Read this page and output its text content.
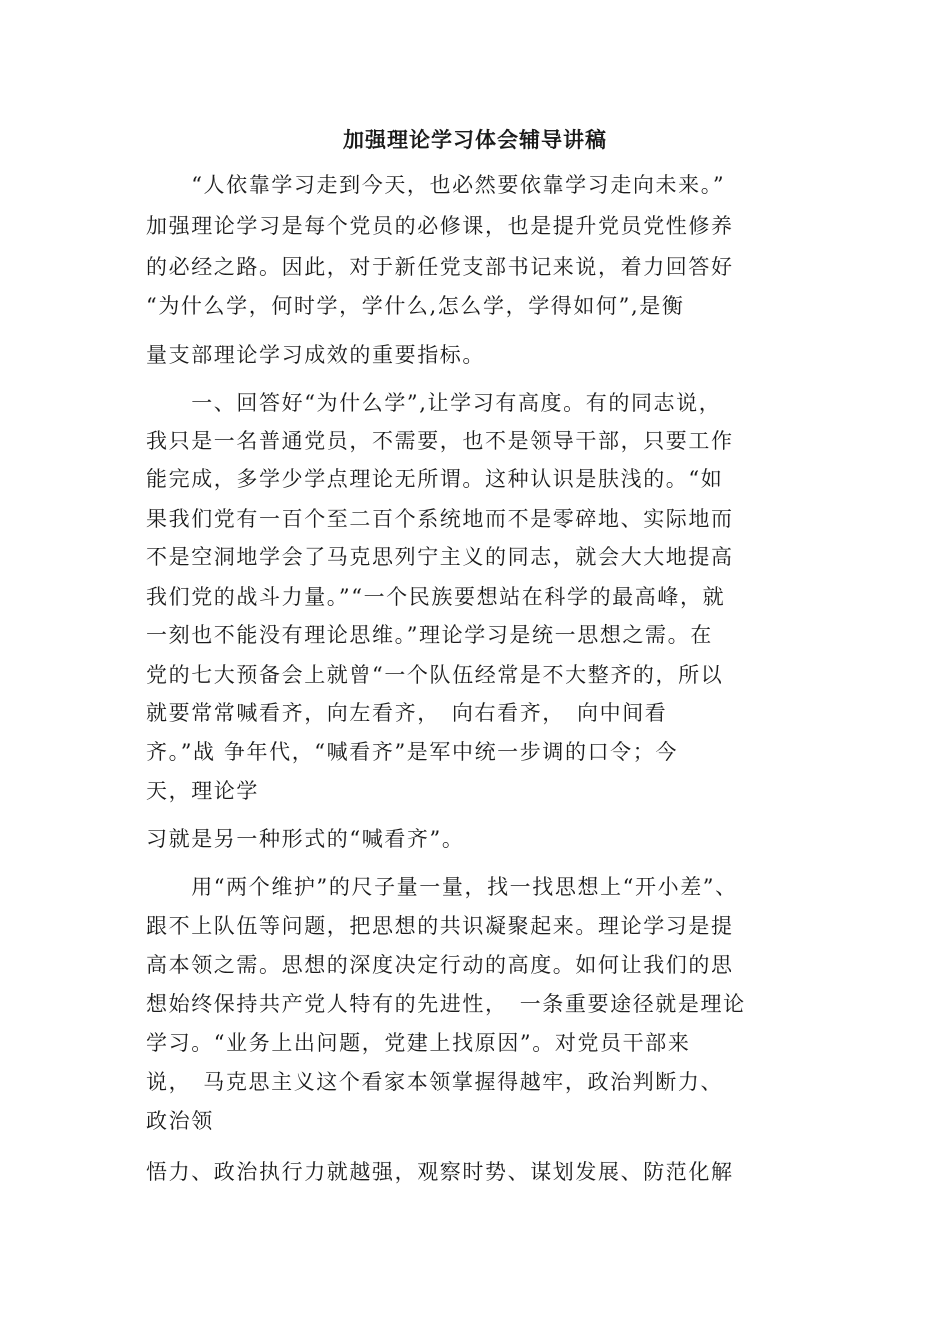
加强理论学习体会辅导讲稿
　　“人依靠学习走到今天，也必然要依靠学习走向未来。”
加强理论学习是每个党员的必修课，也是提升党员党性修养
的必经之路。因此，对于新任党支部书记来说，着力回答好
“为什么学，何时学，学什么,怎么学，学得如何”,是衡
量支部理论学习成效的重要指标。
　　一、回答好“为什么学”,让学习有高度。有的同志说，
我只是一名普通党员，不需要，也不是领导干部，只要工作
能完成，多学少学点理论无所谓。这种认识是肤浅的。“如
果我们党有一百个至二百个系统地而不是零碎地、实际地而
不是空洞地学会了马克思列宁主义的同志，就会大大地提高
我们党的战斗力量。”“一个民族要想站在科学的最高峰，就
一刻也不能没有理论思维。”理论学习是统一思想之需。在
党的七大预备会上就曾“一个队伍经常是不大整齐的，所以
就要常常喊看齐，向左看齐，　向右看齐，　向中间看
齐。”战 争年代，“喊看齐”是军中统一步调的口令；今
天，理论学
习就是另一种形式的“喊看齐”。
　　用“两个维护”的尺子量一量，找一找思想上“开小差”、
跟不上队伍等问题，把思想的共识凝聚起来。理论学习是提
高本领之需。思想的深度决定行动的高度。如何让我们的思
想始终保持共产党人特有的先进性，　一条重要途径就是理论
学习。“业务上出问题，党建上找原因”。对党员干部来
说，　马克思主义这个看家本领掌握得越牢，政治判断力、
政治领
悟力、政治执行力就越强，观察时势、谋划发展、防范化解
